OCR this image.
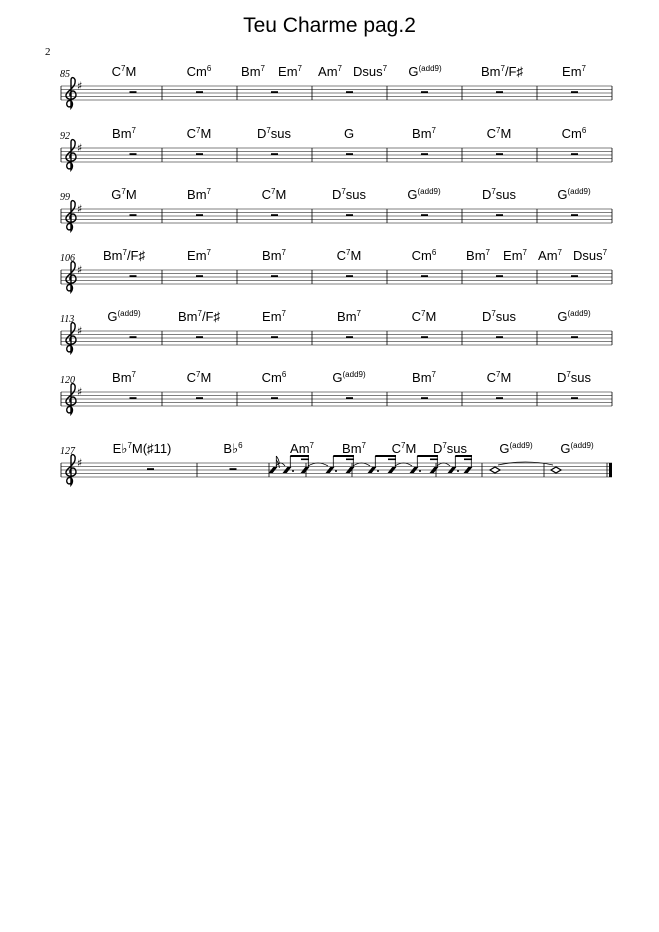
Teu Charme pag.2
2
♯
♯
♯
♯
♯
♯
♯
85	$C^7M$	Cm$^6$ Bm$^7$ Em$^7$ Am$^7$ Dsus$^7$ $G^{(add9)}$	Bm$^7$/F♯	Em$^7$
92	Bm$^7$	$C^7M$	$D^7sus$	G	Bm$^7$	$C^7M$	Cm$^6$
99	$G^7M$	Bm$^7$	$C^7M$	$D^7sus$	$G^{(add9)}$	$D^7sus$	$G^{(add9)}$
106 Bm$^7$/F♯	Em$^7$	Bm$^7$	$C^7M$	Cm$^6$ Bm$^7$ Em$^7$ Am$^7$ Dsus$^7$
113	$G^{(add9)}$	Bm$^7$/F♯	Em$^7$	Bm$^7$	$C^7M$	$D^7sus$	$G^{(add9)}$
120	Bm$^7$	$C^7M$	Cm$^6$	$G^{(add9)}$	Bm$^7$	$C^7M$	$D^7sus$
127	E♭$^7$M(♯11)	B♭$^6$	Am$^7$ Bm$^7$ $C^7M$ $D^7sus$ $G^{(add9)}$ $G^{(add9)}$
